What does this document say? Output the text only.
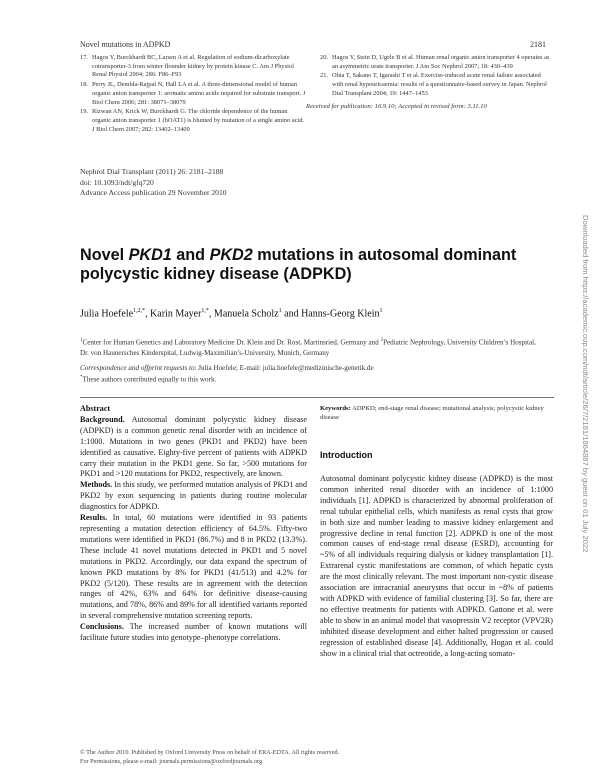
Novel mutations in ADPKD	2181
17. Hagos Y, Burckhardt BC, Larsen A et al. Regulation of sodium-dicarboxylate cotransporter-3 from winter flounder kidney by protein kinase C. Am J Physiol Renal Physiol 2004; 286: F86–F93
18. Perry JL, Dembla-Rajpal N, Hall LA et al. A three-dimensional model of human organic anion transporter 1: aromatic amino acids required for substrate transport. J Biol Chem 2006; 281: 38071–38079
19. Rizwan AN, Krick W, Burckhardt G. The chloride dependence of the human organic anion transporter 1 (hOAT1) is blunted by mutation of a single amino acid. J Biol Chem 2007; 282: 13402–13409
20. Hagos Y, Stein D, Ugele B et al. Human renal organic anion transporter 4 operates as an asymmetric urate transporter. J Am Soc Nephrol 2007; 18: 430–439
21. Ohta T, Sakano T, Igarashi T et al. Exercise-induced acute renal failure associated with renal hypouricaemia: results of a questionnaire-based survey in Japan. Nephrol Dial Transplant 2004; 19: 1447–1453
Received for publication: 16.9.10; Accepted in revised form: 3.11.10
Nephrol Dial Transplant (2011) 26: 2181–2188
doi: 10.1093/ndt/gfq720
Advance Access publication 29 November 2010
Novel PKD1 and PKD2 mutations in autosomal dominant polycystic kidney disease (ADPKD)
Julia Hoefele$^{1,2,*}$, Karin Mayer$^{1,*}$, Manuela Scholz$^1$ and Hanns-Georg Klein$^1$
$^1$Center for Human Genetics and Laboratory Medicine Dr. Klein and Dr. Rost, Martinsried, Germany and $^2$Pediatric Nephrology, University Children’s Hospital, Dr. von Haunersches Kinderspital, Ludwig-Maximilian’s-University, Munich, Germany
Correspondence and offprint requests to: Julia Hoefele; E-mail: julia.hoefele@medizinische-genetik.de
*These authors contributed equally to this work.

Abstract

Background. Autosomal dominant polycystic kidney disease (ADPKD) is a common genetic renal disorder with an incidence of 1:1000. Mutations in two genes (PKD1 and PKD2) have been identified as causative. Eighty-five percent of patients with ADPKD carry their mutation in the PKD1 gene. So far, >500 mutations for PKD1 and >120 mutations for PKD2, respectively, are known.

Methods. In this study, we performed mutation analysis of PKD1 and PKD2 by exon sequencing in patients during routine molecular diagnostics for ADPKD.

Results. In total, 60 mutations were identified in 93 patients representing a mutation detection efficiency of 64.5%. Fifty-two mutations were identified in PKD1 (86.7%) and 8 in PKD2 (13.3%). These include 41 novel mutations detected in PKD1 and 5 novel mutations in PKD2. Accordingly, our data expand the spectrum of known PKD mutations by 8% for PKD1 (41/513) and 4.2% for PKD2 (5/120). These results are in agreement with the detection ranges of 42%, 63% and 64% for definitive disease-causing mutations, and 78%, 86% and 89% for all identified variants reported in several comprehensive mutation screening reports.

Conclusions. The increased number of known mutations will facilitate future studies into genotype–phenotype correlations.

Keywords: ADPKD; end-stage renal disease; mutational analysis; polycystic kidney disease
Introduction
Autosomal dominant polycystic kidney disease (ADPKD) is the most common inherited renal disorder with an incidence of 1:1000 individuals [1]. ADPKD is characterized by abnormal proliferation of renal tubular epithelial cells, which manifests as renal cysts that grow in both size and number leading to massive kidney enlargement and progressive decline in renal function [2]. ADPKD is one of the most common causes of end-stage renal disease (ESRD), accounting for ~5% of all individuals requiring dialysis or kidney transplantation [1]. Extrarenal cystic manifestations are common, of which hepatic cysts are the most clinically relevant. The most important non-cystic disease association are intracranial aneurysms that occur in ~8% of patients with ADPKD with evidence of familial clustering [3]. So far, there are no effective treatments for patients with ADPKD. Gattone et al. were able to show in an animal model that vasopressin V2 receptor (VPV2R) inhibited disease development and either halted progression or caused regression of established disease [4]. Additionally, Hogan et al. could show in a clinical trial that octreotide, a long-acting somato-
© The Author 2010. Published by Oxford University Press on behalf of ERA-EDTA. All rights reserved.
For Permissions, please e-mail: journals.permissions@oxfordjournals.org
Downloaded from https://academic.oup.com/ndt/article/26/7/2181/1864887 by guest on 01 July 2022
